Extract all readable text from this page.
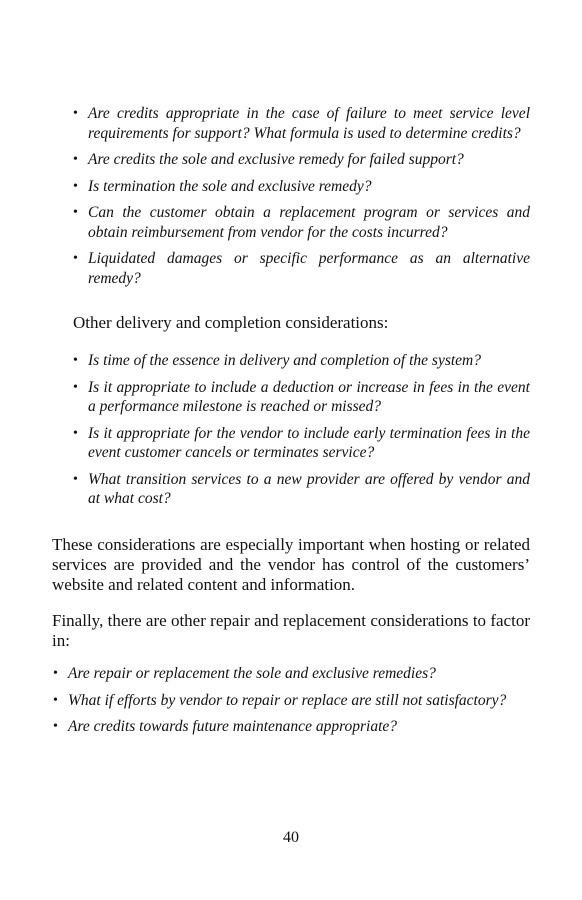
• Are credits appropriate in the case of failure to meet service level requirements for support? What formula is used to determine credits?
• Are credits the sole and exclusive remedy for failed support?
• Is termination the sole and exclusive remedy?
• Can the customer obtain a replacement program or services and obtain reimbursement from vendor for the costs incurred?
• Liquidated damages or specific performance as an alternative remedy?

Other delivery and completion considerations:

• Is time of the essence in delivery and completion of the system?
• Is it appropriate to include a deduction or increase in fees in the event a performance milestone is reached or missed?
• Is it appropriate for the vendor to include early termination fees in the event customer cancels or terminates service?
• What transition services to a new provider are offered by vendor and at what cost?

These considerations are especially important when hosting or related services are provided and the vendor has control of the customers’ website and related content and information.

Finally, there are other repair and replacement considerations to factor in:

• Are repair or replacement the sole and exclusive remedies?
• What if efforts by vendor to repair or replace are still not satisfactory?
• Are credits towards future maintenance appropriate?
40
